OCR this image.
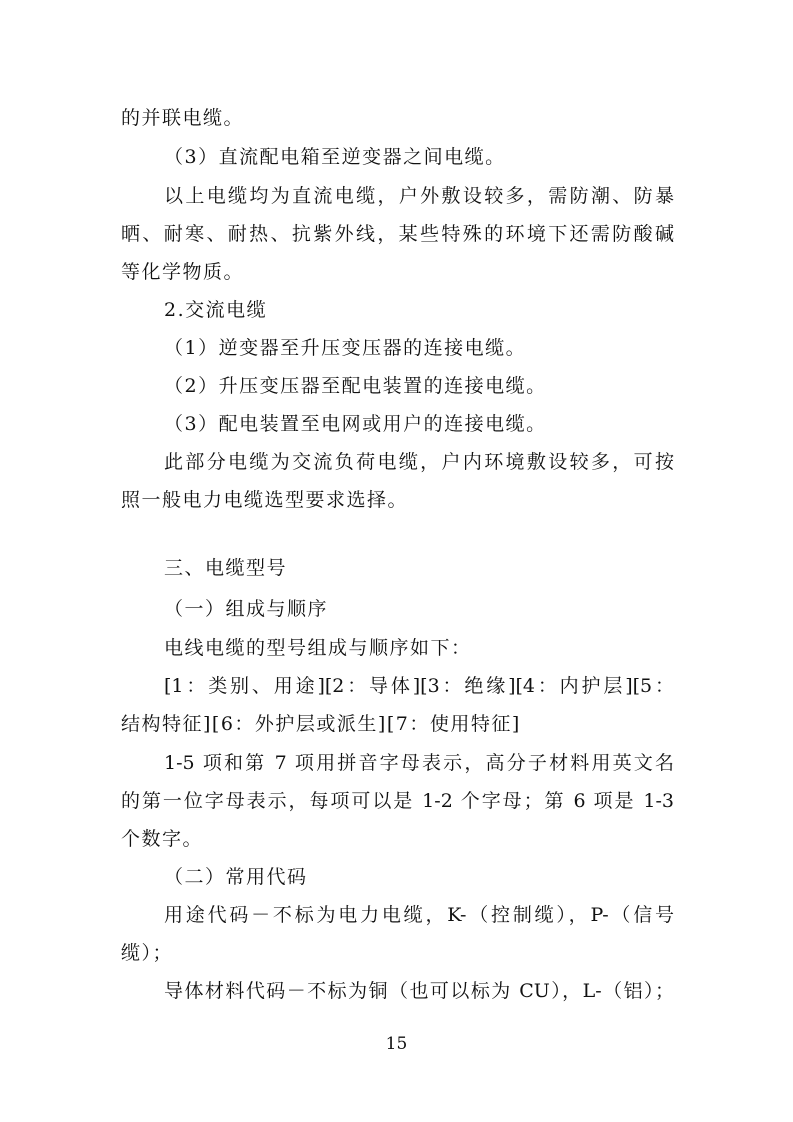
的并联电缆。
（3）直流配电箱至逆变器之间电缆。
以上电缆均为直流电缆，户外敷设较多，需防潮、防暴
晒、耐寒、耐热、抗紫外线，某些特殊的环境下还需防酸碱
等化学物质。
2.交流电缆
（1）逆变器至升压变压器的连接电缆。
（2）升压变压器至配电装置的连接电缆。
（3）配电装置至电网或用户的连接电缆。
此部分电缆为交流负荷电缆，户内环境敷设较多，可按
照一般电力电缆选型要求选择。
三、电缆型号
（一）组成与顺序
电线电缆的型号组成与顺序如下：
[1：类别、用途][2：导体][3：绝缘][4：内护层][5：
结构特征][6：外护层或派生][7：使用特征]
1-5 项和第 7 项用拼音字母表示，高分子材料用英文名
的第一位字母表示，每项可以是 1-2 个字母；第 6 项是 1-3
个数字。
（二）常用代码
用途代码－不标为电力电缆，K-（控制缆），P-（信号
缆）；
导体材料代码－不标为铜（也可以标为 CU），L-（铝）；
15
